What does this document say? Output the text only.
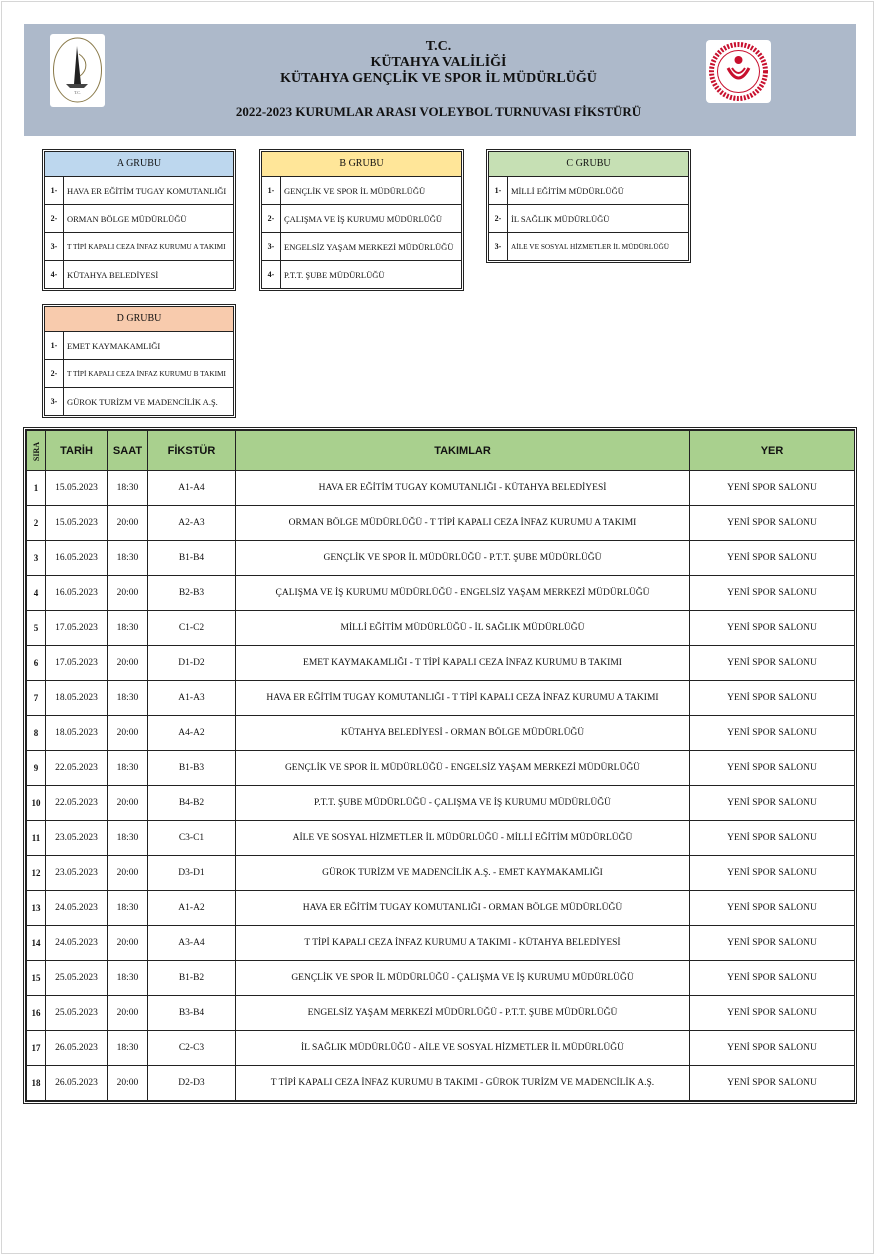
T.C.
T.C.
KÜTAHYA VALİLİĞİ
KÜTAHYA GENÇLİK VE SPOR İL MÜDÜRLÜĞÜ
2022-2023 KURUMLAR ARASI VOLEYBOL TURNUVASI FİKSTÜRÜ
A GRUBU
1-	HAVA ER EĞİTİM TUGAY KOMUTANLIĞI
2-	ORMAN BÖLGE MÜDÜRLÜĞÜ
3-	T TİPİ KAPALI CEZA İNFAZ KURUMU A TAKIMI
4-	KÜTAHYA BELEDİYESİ
B GRUBU
1-	GENÇLİK VE SPOR İL MÜDÜRLÜĞÜ
2-	ÇALIŞMA VE İŞ KURUMU MÜDÜRLÜĞÜ
3-	ENGELSİZ YAŞAM MERKEZİ MÜDÜRLÜĞÜ
4-	P.T.T. ŞUBE MÜDÜRLÜĞÜ
C GRUBU
1-	MİLLİ EĞİTİM MÜDÜRLÜĞÜ
2-	İL SAĞLIK MÜDÜRLÜĞÜ
3-	AİLE VE SOSYAL HİZMETLER İL MÜDÜRLÜĞÜ
D GRUBU
1-	EMET KAYMAKAMLIĞI
2-	T TİPİ KAPALI CEZA İNFAZ KURUMU B TAKIMI
3-	GÜROK TURİZM VE MADENCİLİK A.Ş.
SIRA	TARİH	SAAT	FİKSTÜR	TAKIMLAR	YER
1	15.05.2023	18:30	A1-A4	HAVA ER EĞİTİM TUGAY KOMUTANLIĞI - KÜTAHYA BELEDİYESİ	YENİ SPOR SALONU
2	15.05.2023	20:00	A2-A3	ORMAN BÖLGE MÜDÜRLÜĞÜ - T TİPİ KAPALI CEZA İNFAZ KURUMU A TAKIMI	YENİ SPOR SALONU
3	16.05.2023	18:30	B1-B4	GENÇLİK VE SPOR İL MÜDÜRLÜĞÜ - P.T.T. ŞUBE MÜDÜRLÜĞÜ	YENİ SPOR SALONU
4	16.05.2023	20:00	B2-B3	ÇALIŞMA VE İŞ KURUMU MÜDÜRLÜĞÜ - ENGELSİZ YAŞAM MERKEZİ MÜDÜRLÜĞÜ	YENİ SPOR SALONU
5	17.05.2023	18:30	C1-C2	MİLLİ EĞİTİM MÜDÜRLÜĞÜ - İL SAĞLIK MÜDÜRLÜĞÜ	YENİ SPOR SALONU
6	17.05.2023	20:00	D1-D2	EMET KAYMAKAMLIĞI - T TİPİ KAPALI CEZA İNFAZ KURUMU B TAKIMI	YENİ SPOR SALONU
7	18.05.2023	18:30	A1-A3	HAVA ER EĞİTİM TUGAY KOMUTANLIĞI - T TİPİ KAPALI CEZA İNFAZ KURUMU A TAKIMI	YENİ SPOR SALONU
8	18.05.2023	20:00	A4-A2	KÜTAHYA BELEDİYESİ - ORMAN BÖLGE MÜDÜRLÜĞÜ	YENİ SPOR SALONU
9	22.05.2023	18:30	B1-B3	GENÇLİK VE SPOR İL MÜDÜRLÜĞÜ - ENGELSİZ YAŞAM MERKEZİ MÜDÜRLÜĞÜ	YENİ SPOR SALONU
10	22.05.2023	20:00	B4-B2	P.T.T. ŞUBE MÜDÜRLÜĞÜ - ÇALIŞMA VE İŞ KURUMU MÜDÜRLÜĞÜ	YENİ SPOR SALONU
11	23.05.2023	18:30	C3-C1	AİLE VE SOSYAL HİZMETLER İL MÜDÜRLÜĞÜ - MİLLİ EĞİTİM MÜDÜRLÜĞÜ	YENİ SPOR SALONU
12	23.05.2023	20:00	D3-D1	GÜROK TURİZM VE MADENCİLİK A.Ş. - EMET KAYMAKAMLIĞI	YENİ SPOR SALONU
13	24.05.2023	18:30	A1-A2	HAVA ER EĞİTİM TUGAY KOMUTANLIĞI - ORMAN BÖLGE MÜDÜRLÜĞÜ	YENİ SPOR SALONU
14	24.05.2023	20:00	A3-A4	T TİPİ KAPALI CEZA İNFAZ KURUMU A TAKIMI - KÜTAHYA BELEDİYESİ	YENİ SPOR SALONU
15	25.05.2023	18:30	B1-B2	GENÇLİK VE SPOR İL MÜDÜRLÜĞÜ - ÇALIŞMA VE İŞ KURUMU MÜDÜRLÜĞÜ	YENİ SPOR SALONU
16	25.05.2023	20:00	B3-B4	ENGELSİZ YAŞAM MERKEZİ MÜDÜRLÜĞÜ - P.T.T. ŞUBE MÜDÜRLÜĞÜ	YENİ SPOR SALONU
17	26.05.2023	18:30	C2-C3	İL SAĞLIK MÜDÜRLÜĞÜ - AİLE VE SOSYAL HİZMETLER İL MÜDÜRLÜĞÜ	YENİ SPOR SALONU
18	26.05.2023	20:00	D2-D3	T TİPİ KAPALI CEZA İNFAZ KURUMU B TAKIMI - GÜROK TURİZM VE MADENCİLİK A.Ş.	YENİ SPOR SALONU
